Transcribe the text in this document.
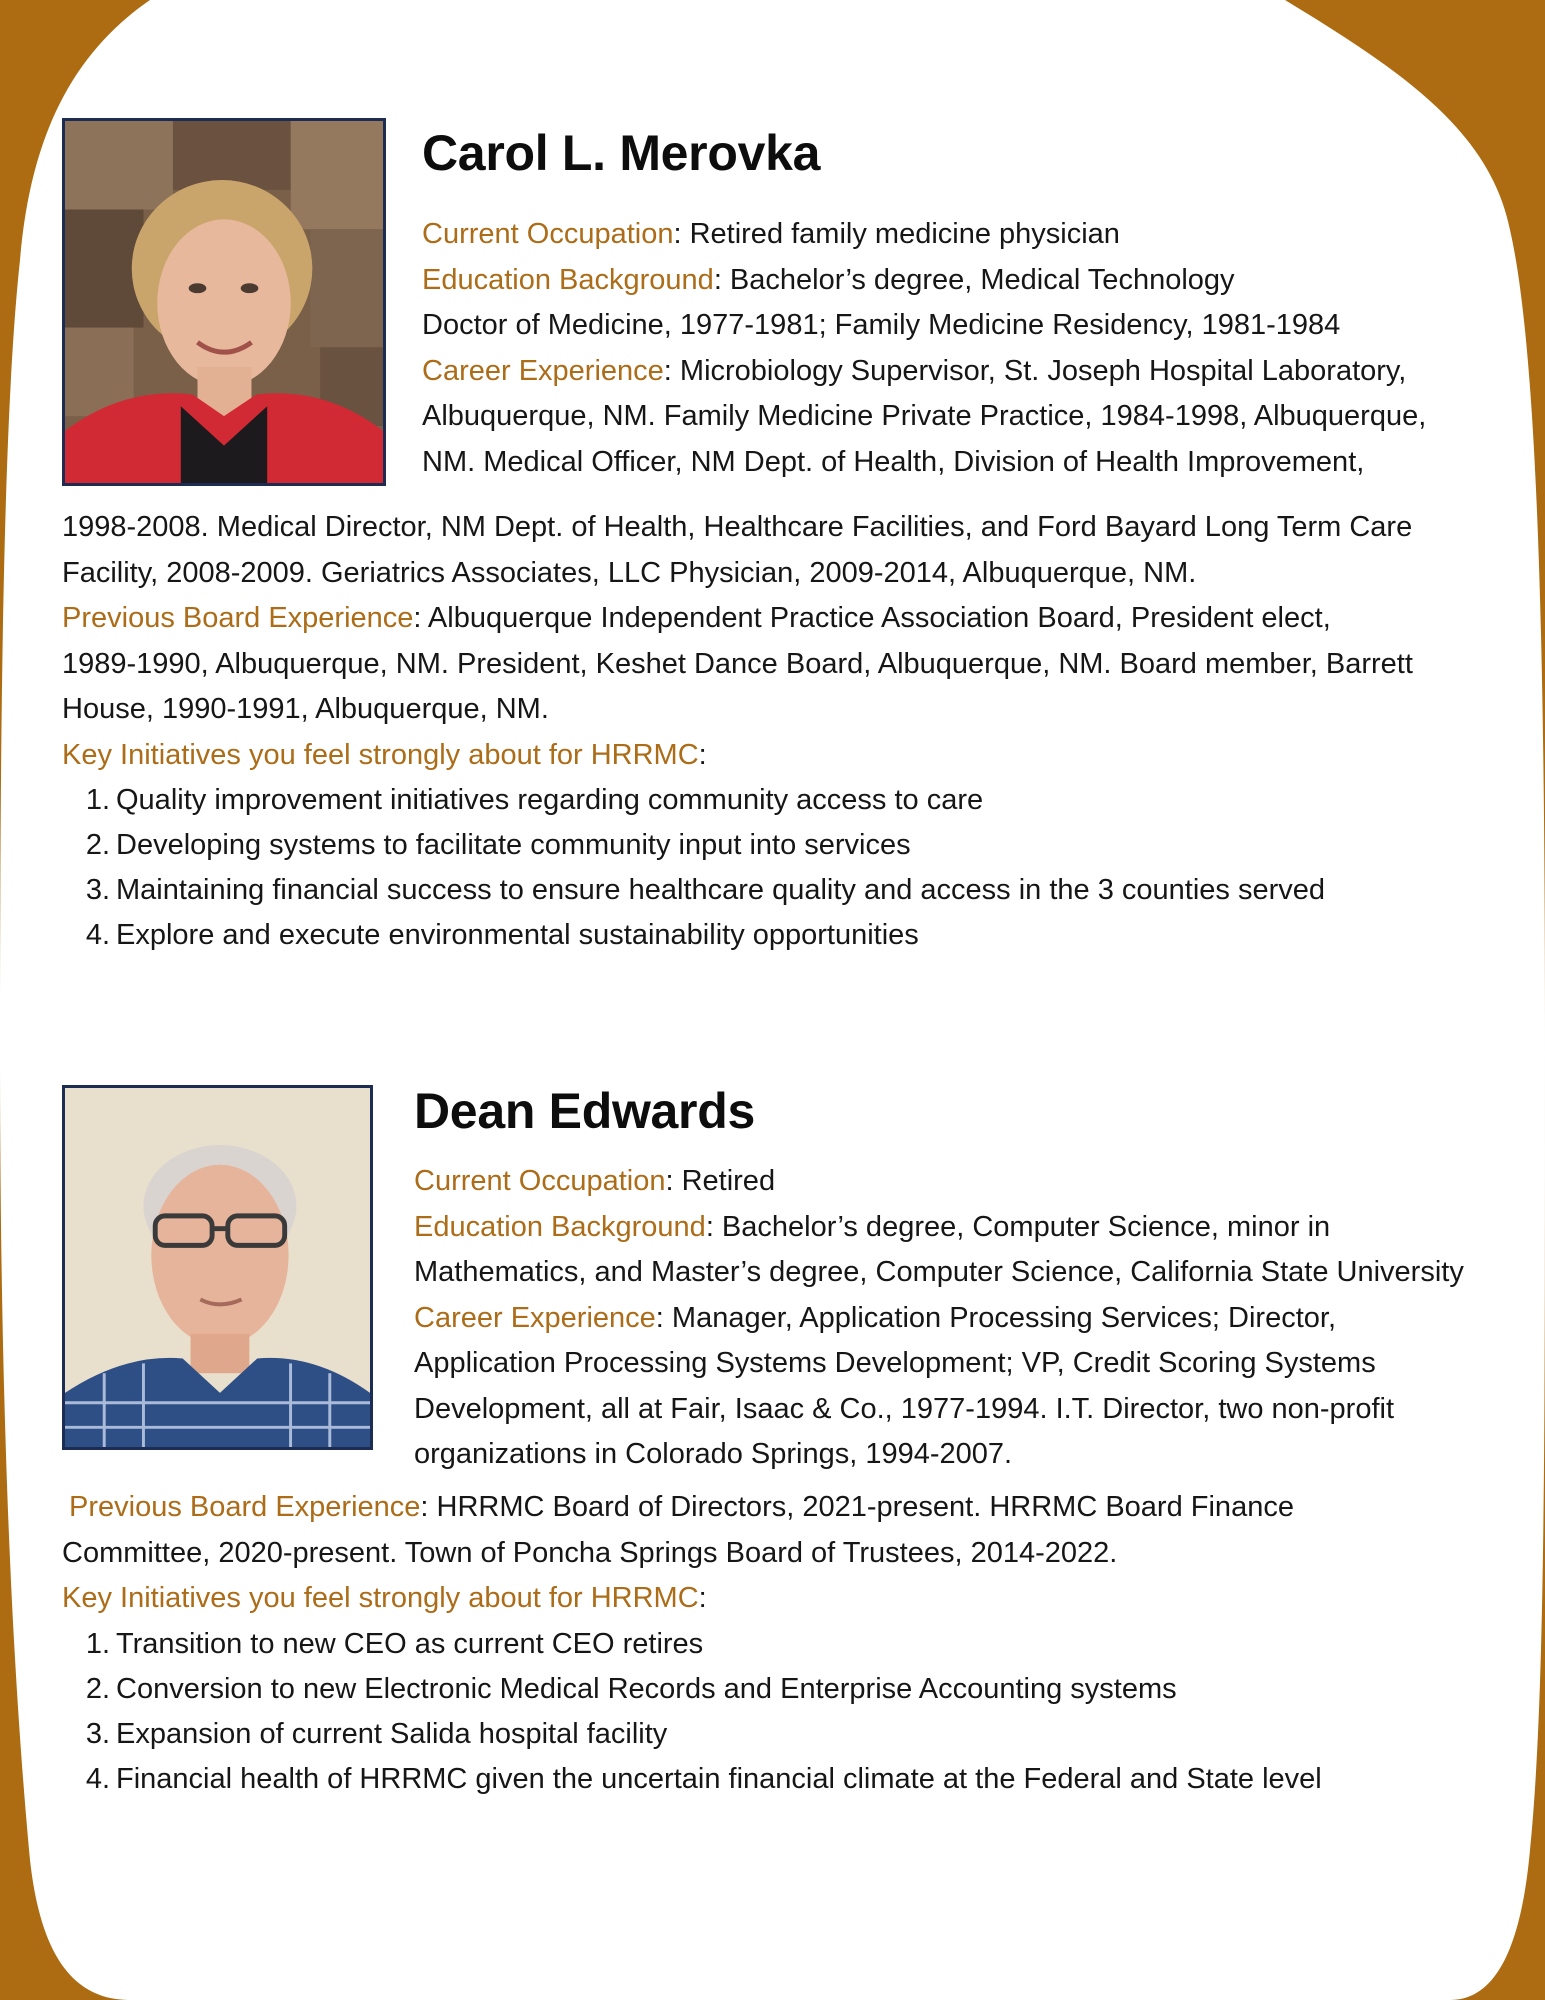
Carol L. Merovka
Current Occupation: Retired family medicine physician
Education Background: Bachelor’s degree, Medical Technology
Doctor of Medicine, 1977-1981; Family Medicine Residency, 1981-1984
Career Experience: Microbiology Supervisor, St. Joseph Hospital Laboratory,
Albuquerque, NM. Family Medicine Private Practice, 1984-1998, Albuquerque,
NM. Medical Officer, NM Dept. of Health, Division of Health Improvement,
1998-2008. Medical Director, NM Dept. of Health, Healthcare Facilities, and Ford Bayard Long Term Care
Facility, 2008-2009. Geriatrics Associates, LLC Physician, 2009-2014, Albuquerque, NM.
Previous Board Experience: Albuquerque Independent Practice Association Board, President elect,
1989-1990, Albuquerque, NM. President, Keshet Dance Board, Albuquerque, NM. Board member, Barrett
House, 1990-1991, Albuquerque, NM.
Key Initiatives you feel strongly about for HRRMC:
1. Quality improvement initiatives regarding community access to care
2. Developing systems to facilitate community input into services
3. Maintaining financial success to ensure healthcare quality and access in the 3 counties served
4. Explore and execute environmental sustainability opportunities
Dean Edwards
Current Occupation: Retired
Education Background: Bachelor’s degree, Computer Science, minor in
Mathematics, and Master’s degree, Computer Science, California State University
Career Experience: Manager, Application Processing Services; Director,
Application Processing Systems Development; VP, Credit Scoring Systems
Development, all at Fair, Isaac & Co., 1977-1994. I.T. Director, two non-profit
organizations in Colorado Springs, 1994-2007.
Previous Board Experience: HRRMC Board of Directors, 2021-present. HRRMC Board Finance
Committee, 2020-present. Town of Poncha Springs Board of Trustees, 2014-2022.
Key Initiatives you feel strongly about for HRRMC:
1. Transition to new CEO as current CEO retires
2. Conversion to new Electronic Medical Records and Enterprise Accounting systems
3. Expansion of current Salida hospital facility
4. Financial health of HRRMC given the uncertain financial climate at the Federal and State level
